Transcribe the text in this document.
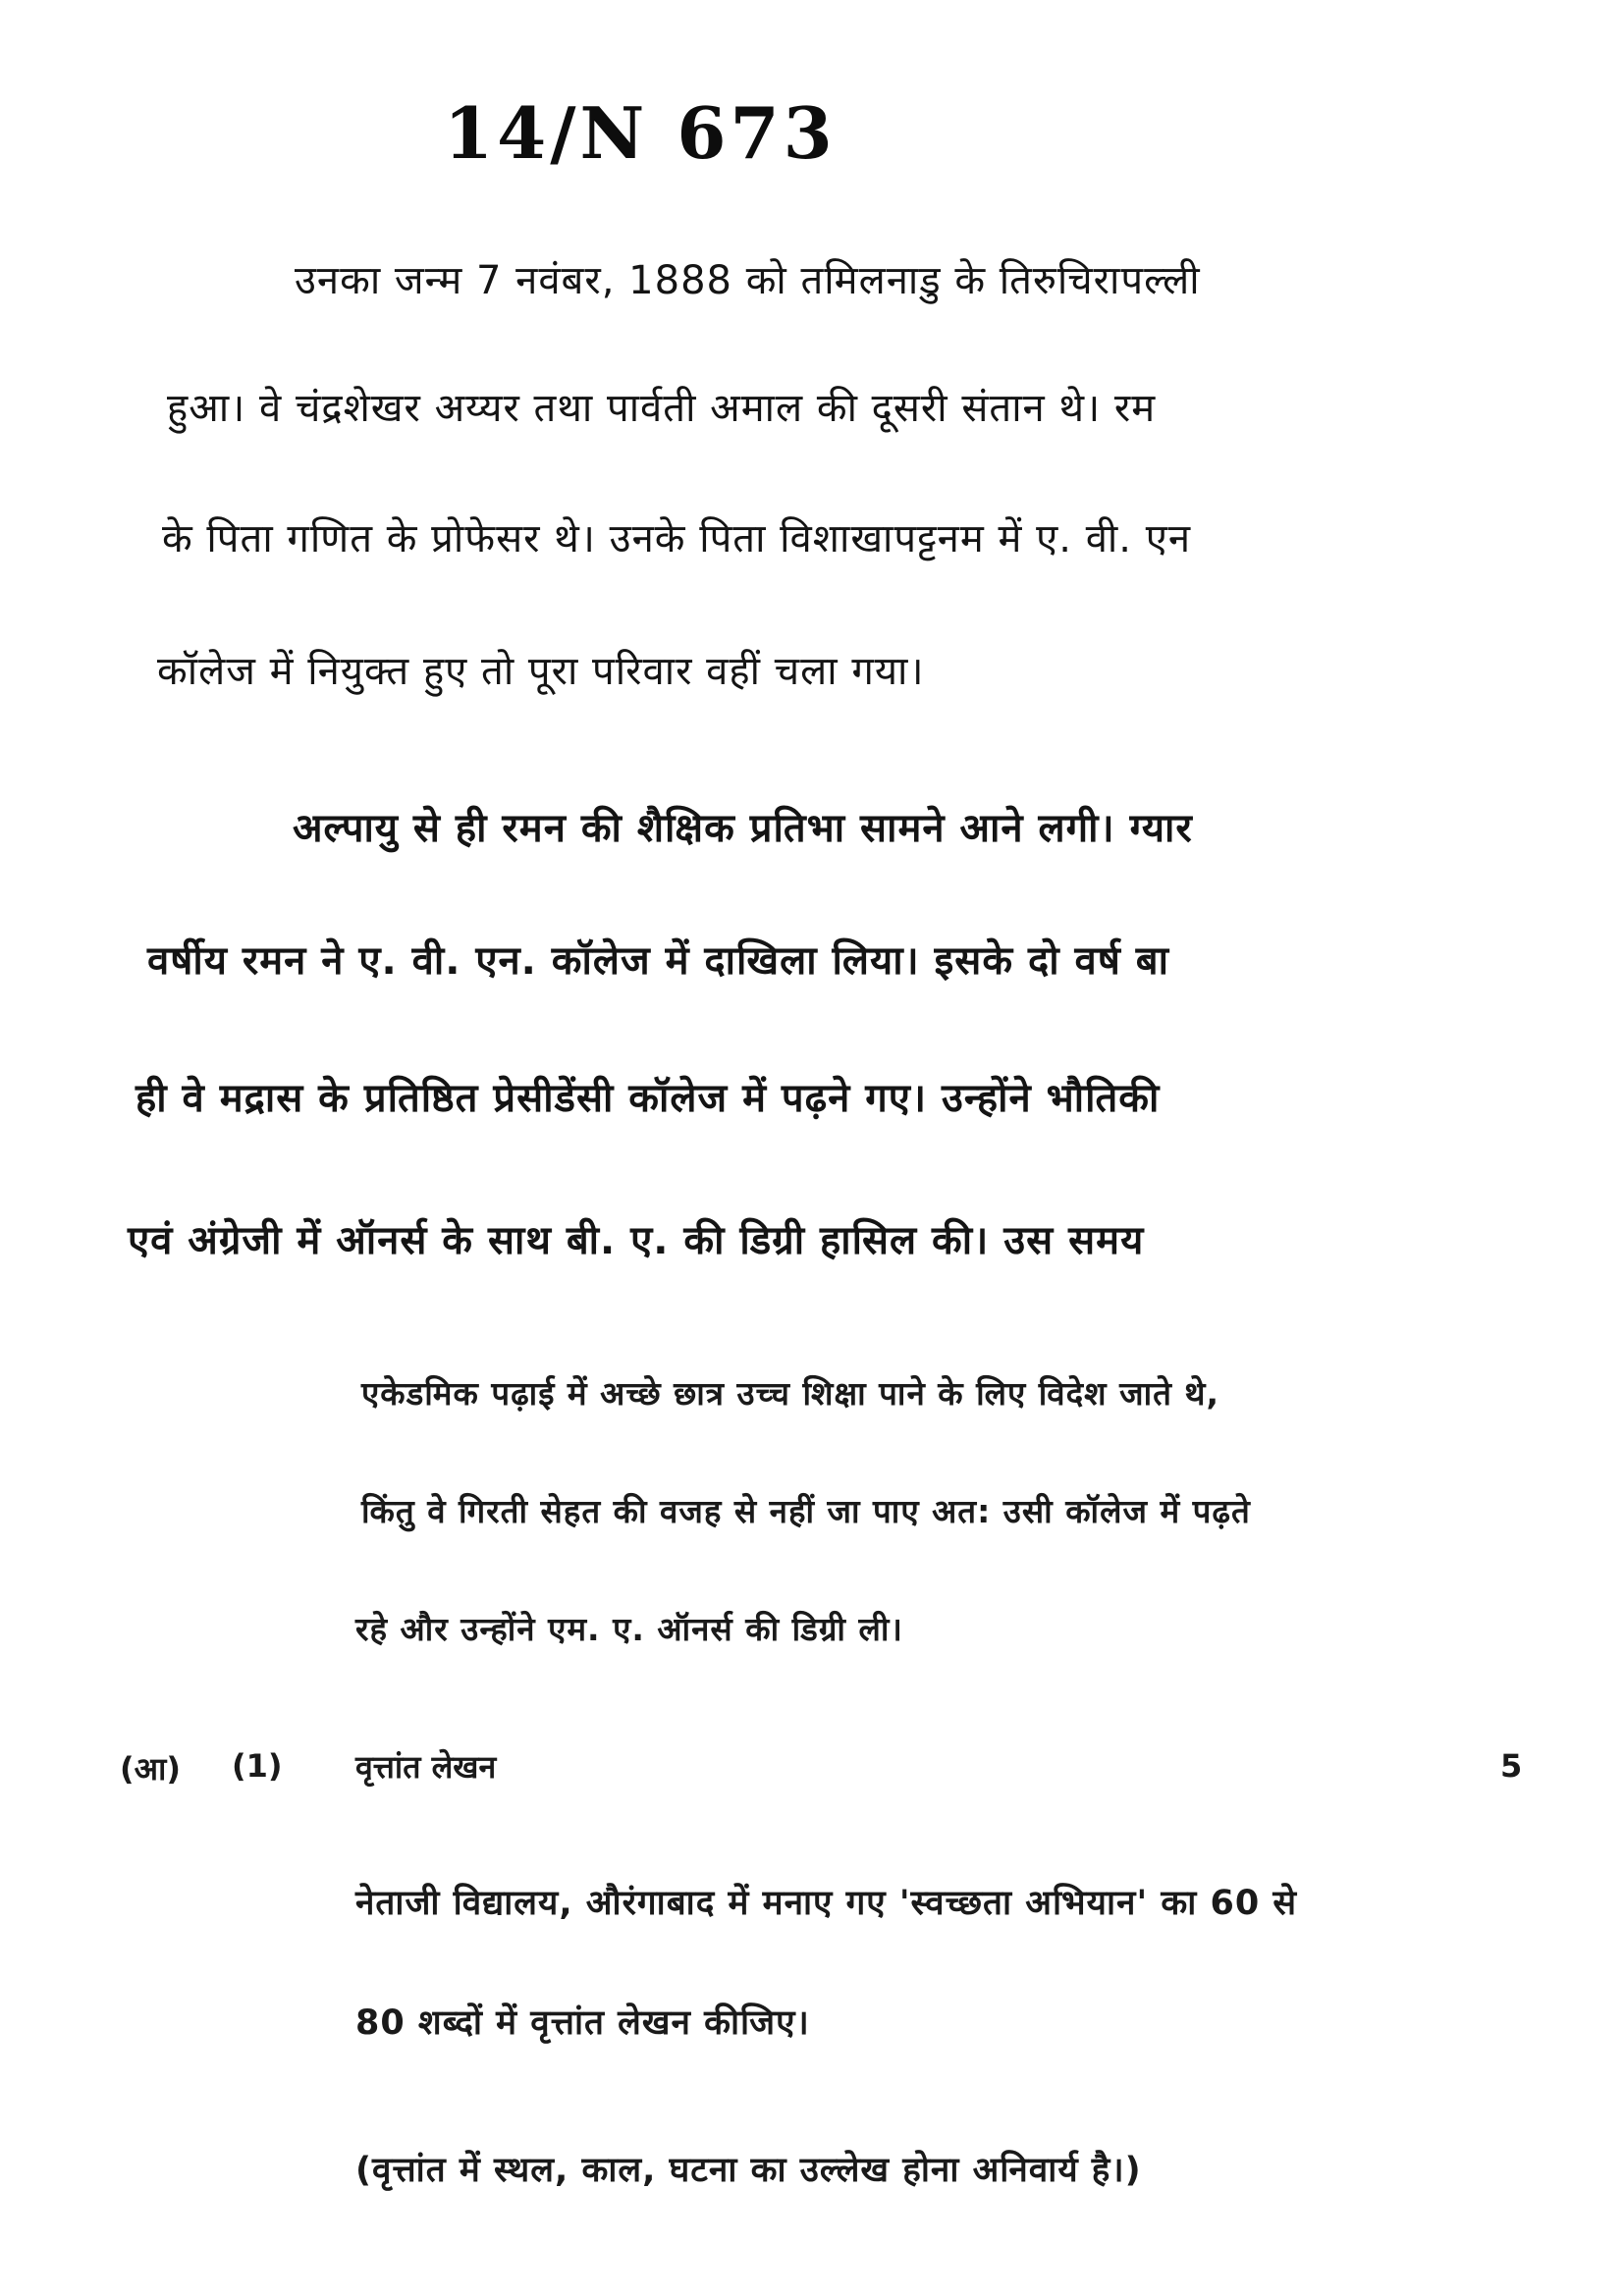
14/N 673
उनका जन्म 7 नवंबर, 1888 को तमिलनाडु के तिरुचिरापल्ली
हुआ। वे चंद्रशेखर अय्यर तथा पार्वती अमाल की दूसरी संतान थे। रम
के पिता गणित के प्रोफेसर थे। उनके पिता विशाखापट्टनम में ए. वी. एन
कॉलेज में नियुक्त हुए तो पूरा परिवार वहीं चला गया।
अल्पायु से ही रमन की शैक्षिक प्रतिभा सामने आने लगी। ग्यार
वर्षीय रमन ने ए. वी. एन. कॉलेज में दाखिला लिया। इसके दो वर्ष बा
ही वे मद्रास के प्रतिष्ठित प्रेसीडेंसी कॉलेज में पढ़ने गए। उन्होंने भौतिकी
एवं अंग्रेजी में ऑनर्स के साथ बी. ए. की डिग्री हासिल की। उस समय
एकेडमिक पढ़ाई में अच्छे छात्र उच्च शिक्षा पाने के लिए विदेश जाते थे,
किंतु वे गिरती सेहत की वजह से नहीं जा पाए अत: उसी कॉलेज में पढ़ते
रहे और उन्होंने एम. ए. ऑनर्स की डिग्री ली।
(आ) (1) वृत्तांत लेखन	5
नेताजी विद्यालय, औरंगाबाद में मनाए गए 'स्वच्छता अभियान' का 60 से
80 शब्दों में वृत्तांत लेखन कीजिए।
(वृत्तांत में स्थल, काल, घटना का उल्लेख होना अनिवार्य है।)
